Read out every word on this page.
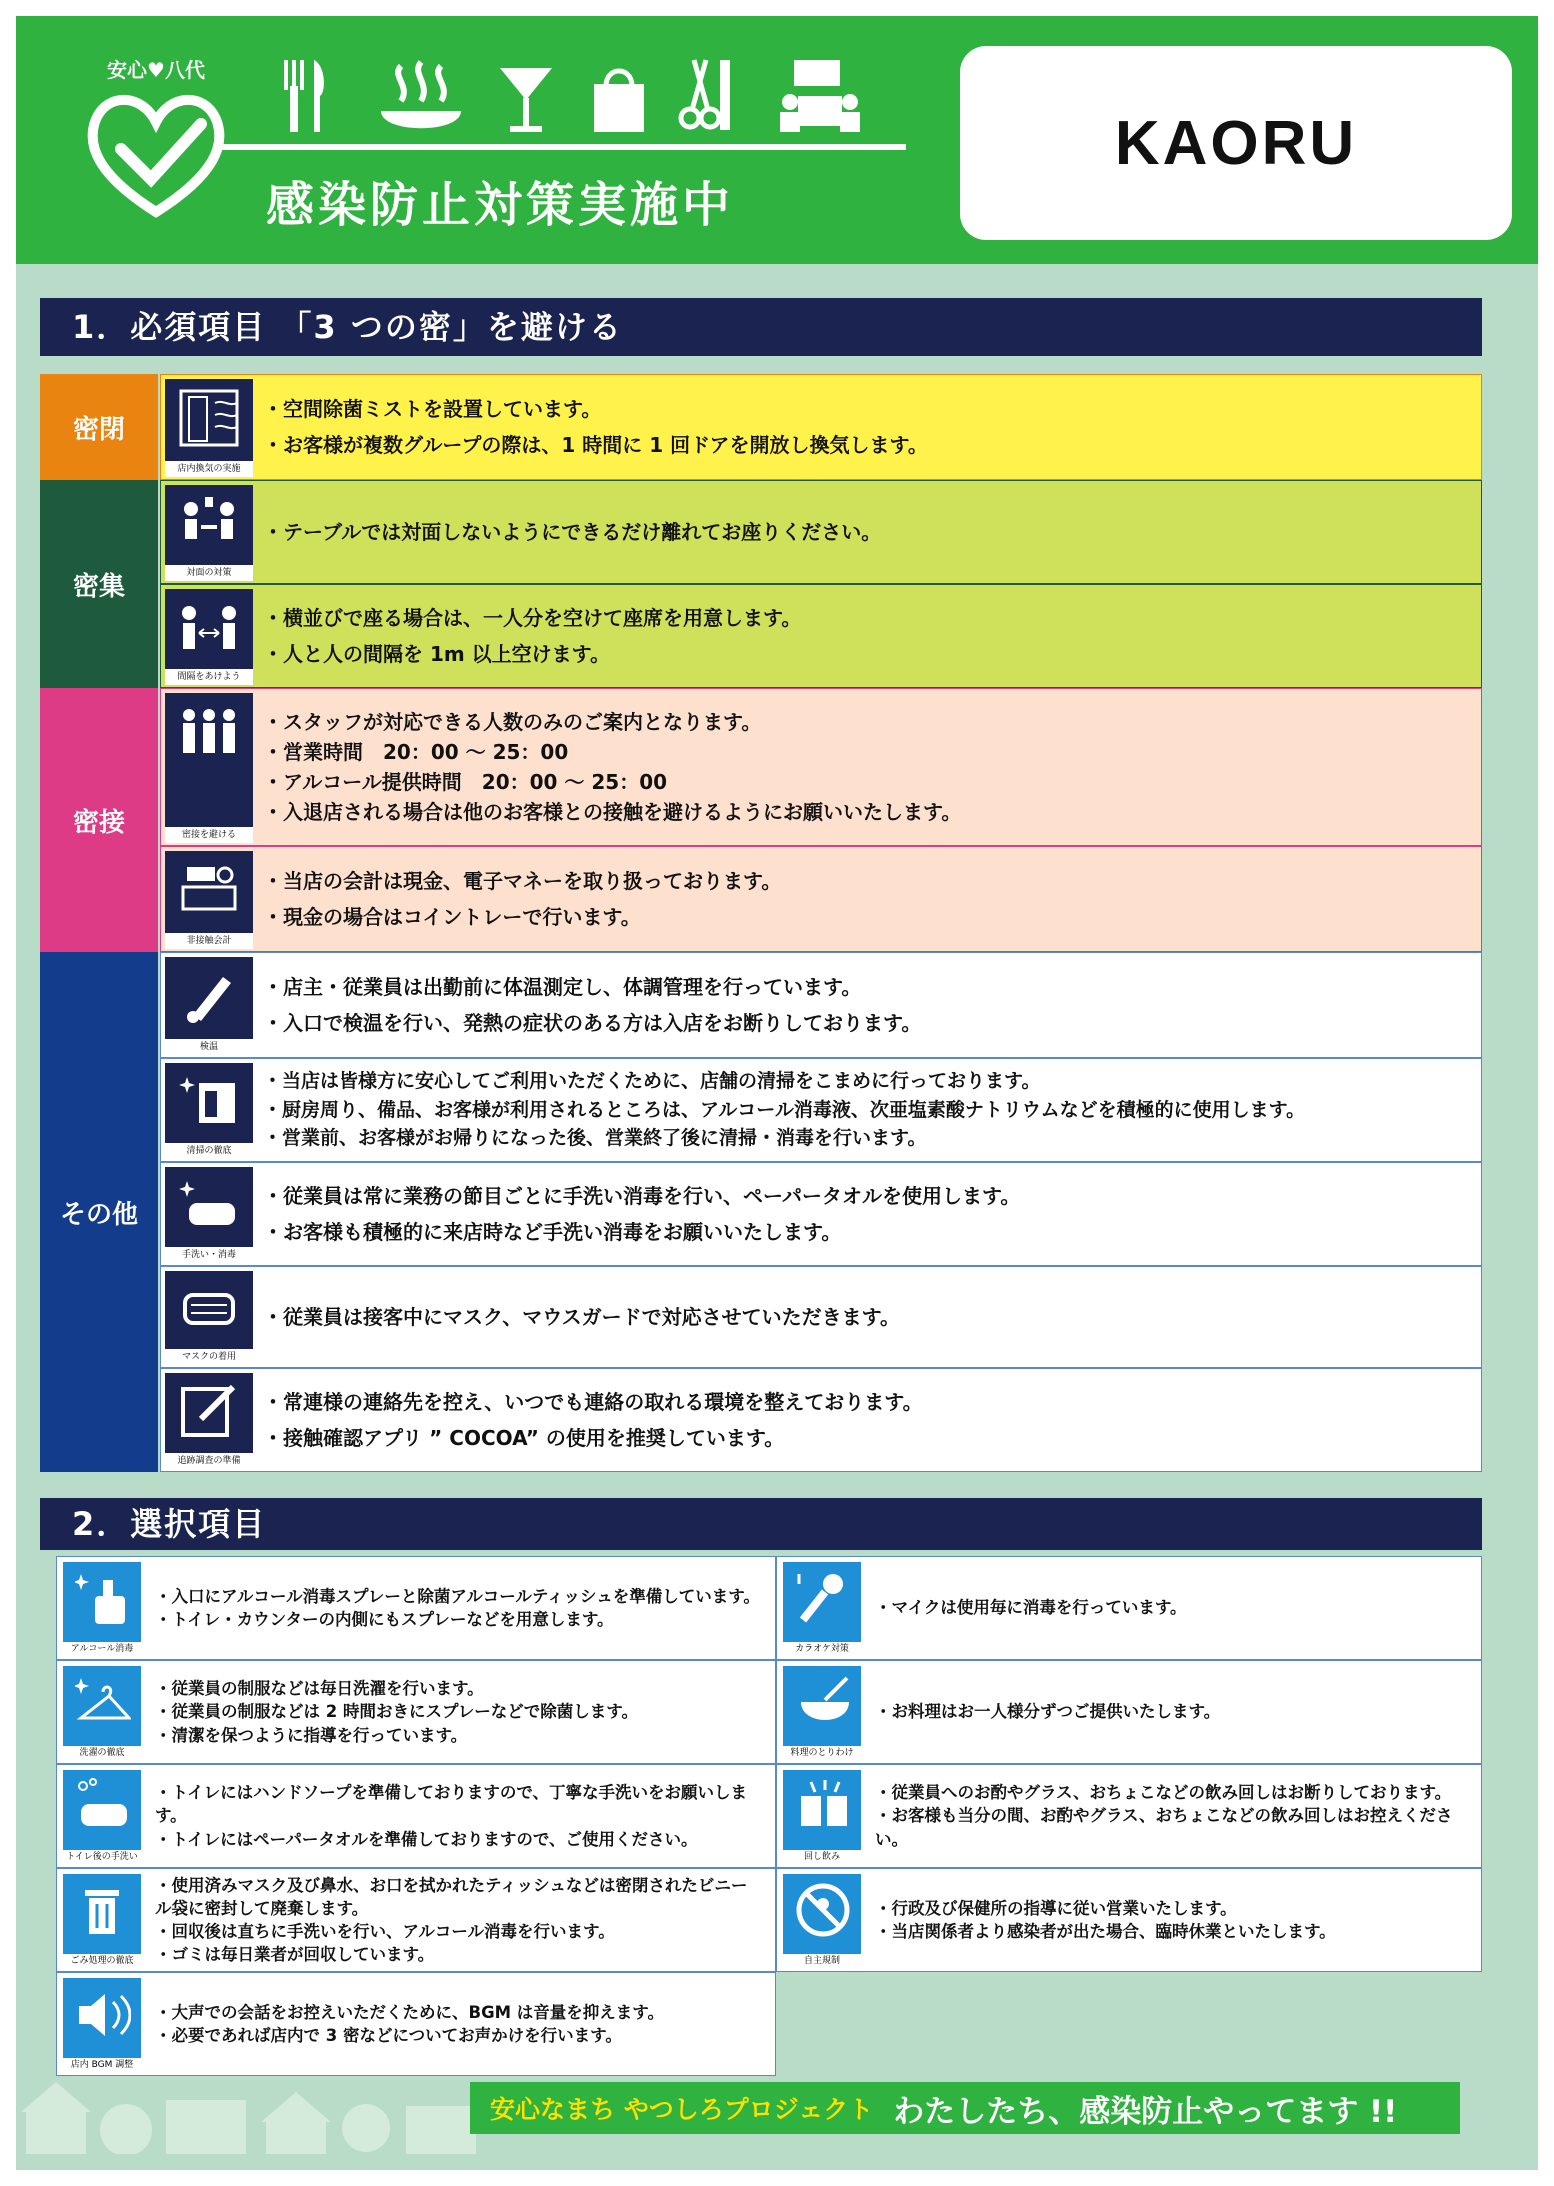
安心♥八代
感染防止対策実施中
KAORU
1．必須項目 「3 つの密」を避ける
密閉
密集
密接
その他
店内換気の実施
・空間除菌ミストを設置しています。
・お客様が複数グループの際は、1 時間に 1 回ドアを開放し換気します。
対面の対策
・テーブルでは対面しないようにできるだけ離れてお座りください。
間隔をあけよう
・横並びで座る場合は、一人分を空けて座席を用意します。
・人と人の間隔を 1m 以上空けます。
密接を避ける
・スタッフが対応できる人数のみのご案内となります。
・営業時間　20：00 ～ 25：00
・アルコール提供時間　20：00 ～ 25：00
・入退店される場合は他のお客様との接触を避けるようにお願いいたします。
非接触会計
・当店の会計は現金、電子マネーを取り扱っております。
・現金の場合はコイントレーで行います。
検温
・店主・従業員は出勤前に体温測定し、体調管理を行っています。
・入口で検温を行い、発熱の症状のある方は入店をお断りしております。
清掃の徹底
・当店は皆様方に安心してご利用いただくために、店舗の清掃をこまめに行っております。
・厨房周り、備品、お客様が利用されるところは、アルコール消毒液、次亜塩素酸ナトリウムなどを積極的に使用します。
・営業前、お客様がお帰りになった後、営業終了後に清掃・消毒を行います。
手洗い・消毒
・従業員は常に業務の節目ごとに手洗い消毒を行い、ペーパータオルを使用します。
・お客様も積極的に来店時など手洗い消毒をお願いいたします。
マスクの着用
・従業員は接客中にマスク、マウスガードで対応させていただきます。
追跡調査の準備
・常連様の連絡先を控え、いつでも連絡の取れる環境を整えております。
・接触確認アプリ ” COCOA” の使用を推奨しています。
2．選択項目
アルコール消毒
・入口にアルコール消毒スプレーと除菌アルコールティッシュを準備しています。
・トイレ・カウンターの内側にもスプレーなどを用意します。
洗濯の徹底
・従業員の制服などは毎日洗濯を行います。
・従業員の制服などは 2 時間おきにスプレーなどで除菌します。
・清潔を保つように指導を行っています。
トイレ後の手洗い
・トイレにはハンドソープを準備しておりますので、丁寧な手洗いをお願いします。
・トイレにはペーパータオルを準備しておりますので、ご使用ください。
ごみ処理の徹底
・使用済みマスク及び鼻水、お口を拭かれたティッシュなどは密閉されたビニール袋に密封して廃棄します。
・回収後は直ちに手洗いを行い、アルコール消毒を行います。
・ゴミは毎日業者が回収しています。
店内 BGM 調整
・大声での会話をお控えいただくために、BGM は音量を抑えます。
・必要であれば店内で 3 密などについてお声かけを行います。
カラオケ対策
・マイクは使用毎に消毒を行っています。
料理のとりわけ
・お料理はお一人様分ずつご提供いたします。
回し飲み
・従業員へのお酌やグラス、おちょこなどの飲み回しはお断りしております。
・お客様も当分の間、お酌やグラス、おちょこなどの飲み回しはお控えください。
自主規制
・行政及び保健所の指導に従い営業いたします。
・当店関係者より感染者が出た場合、臨時休業といたします。
安心なまち やつしろプロジェクト わたしたち、感染防止やってます !!
